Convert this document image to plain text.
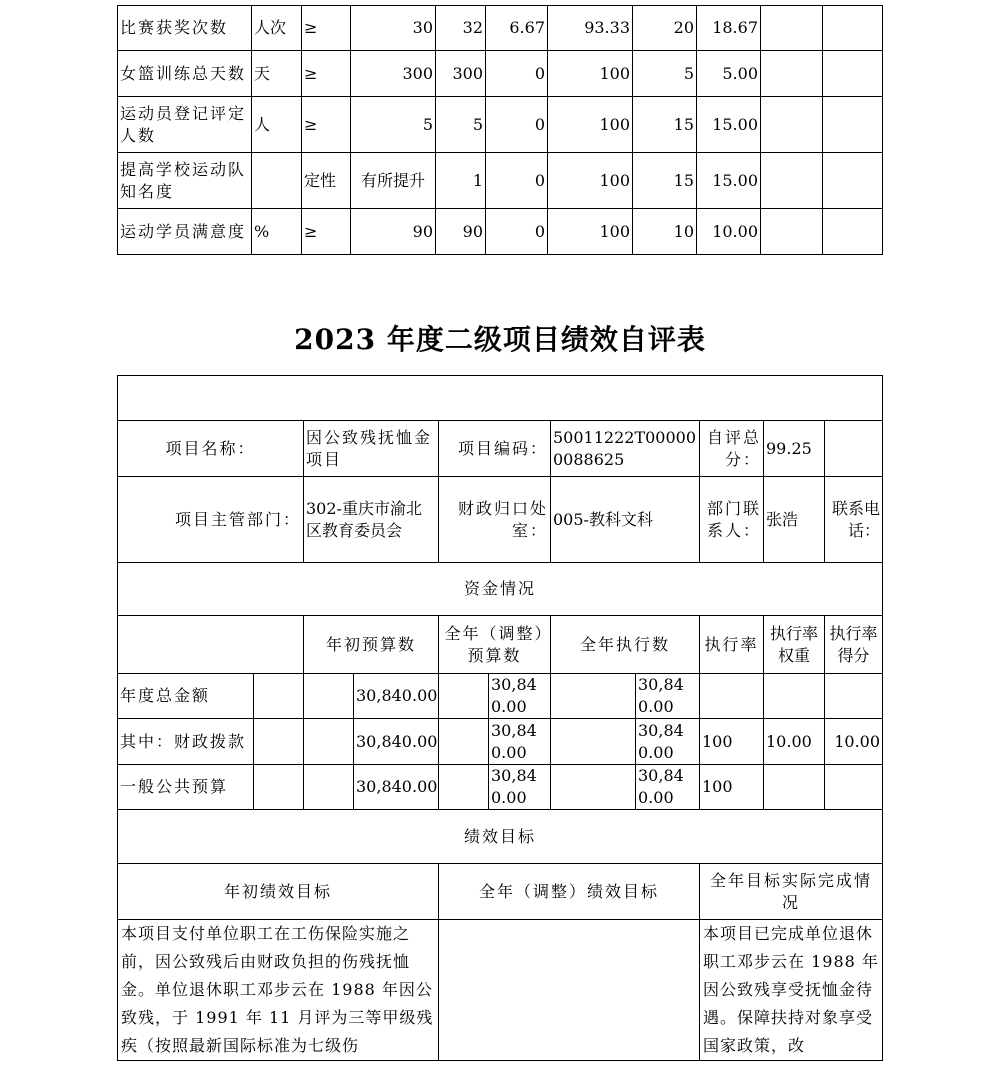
比赛获奖次数	人次	≥	30	32	6.67	93.33	20	18.67		
女篮训练总天数	天	≥	300	300	0	100	5	5.00		
运动员登记评定人数	人	≥	5	5	0	100	15	15.00		
提高学校运动队知名度		定性	有所提升	1	0	100	15	15.00		
运动学员满意度	%	≥	90	90	0	100	10	10.00		
2023 年度二级项目绩效自评表

项目名称：		因公致残抚恤金项目		项目编码：		50011222T000000088625		自评总分：	99.25	
项目主管部门：		302-重庆市渝北区教育委员会		财政归口处室：		005-教科文科		部门联系人：	张浩	联系电话：
资金情况										
		年初预算数		全年（调整）预算数		全年执行数		执行率	执行率权重	执行率得分
年度总金额			30,840.00		30,840.00		30,840.00			
其中：财政拨款			30,840.00		30,840.00		30,840.00	100	10.00	10.00
一般公共预算			30,840.00		30,840.00		30,840.00	100		
绩效目标										
年初绩效目标				全年（调整）绩效目标				全年目标实际完成情况		
本项目支付单位职工在工伤保险实施之前，因公致残后由财政负担的伤残抚恤金。单位退休职工邓步云在 1988 年因公致残，于 1991 年 11 月评为三等甲级残疾（按照最新国际标准为七级伤								本项目已完成单位退休职工邓步云在 1988 年因公致残享受抚恤金待遇。保障扶持对象享受国家政策，改		
